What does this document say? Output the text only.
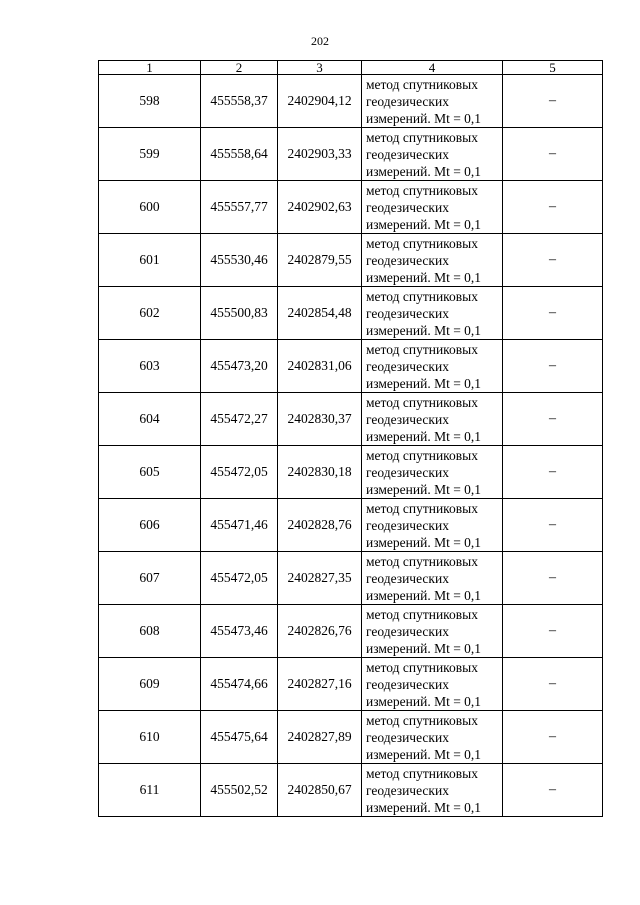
202
1	2	3	4	5
598	455558,37	2402904,12	метод спутниковых
геодезических
измерений. Mt = 0,1	–
599	455558,64	2402903,33	метод спутниковых
геодезических
измерений. Mt = 0,1	–
600	455557,77	2402902,63	метод спутниковых
геодезических
измерений. Mt = 0,1	–
601	455530,46	2402879,55	метод спутниковых
геодезических
измерений. Mt = 0,1	–
602	455500,83	2402854,48	метод спутниковых
геодезических
измерений. Mt = 0,1	–
603	455473,20	2402831,06	метод спутниковых
геодезических
измерений. Mt = 0,1	–
604	455472,27	2402830,37	метод спутниковых
геодезических
измерений. Mt = 0,1	–
605	455472,05	2402830,18	метод спутниковых
геодезических
измерений. Mt = 0,1	–
606	455471,46	2402828,76	метод спутниковых
геодезических
измерений. Mt = 0,1	–
607	455472,05	2402827,35	метод спутниковых
геодезических
измерений. Mt = 0,1	–
608	455473,46	2402826,76	метод спутниковых
геодезических
измерений. Mt = 0,1	–
609	455474,66	2402827,16	метод спутниковых
геодезических
измерений. Mt = 0,1	–
610	455475,64	2402827,89	метод спутниковых
геодезических
измерений. Mt = 0,1	–
611	455502,52	2402850,67	метод спутниковых
геодезических
измерений. Mt = 0,1	–
